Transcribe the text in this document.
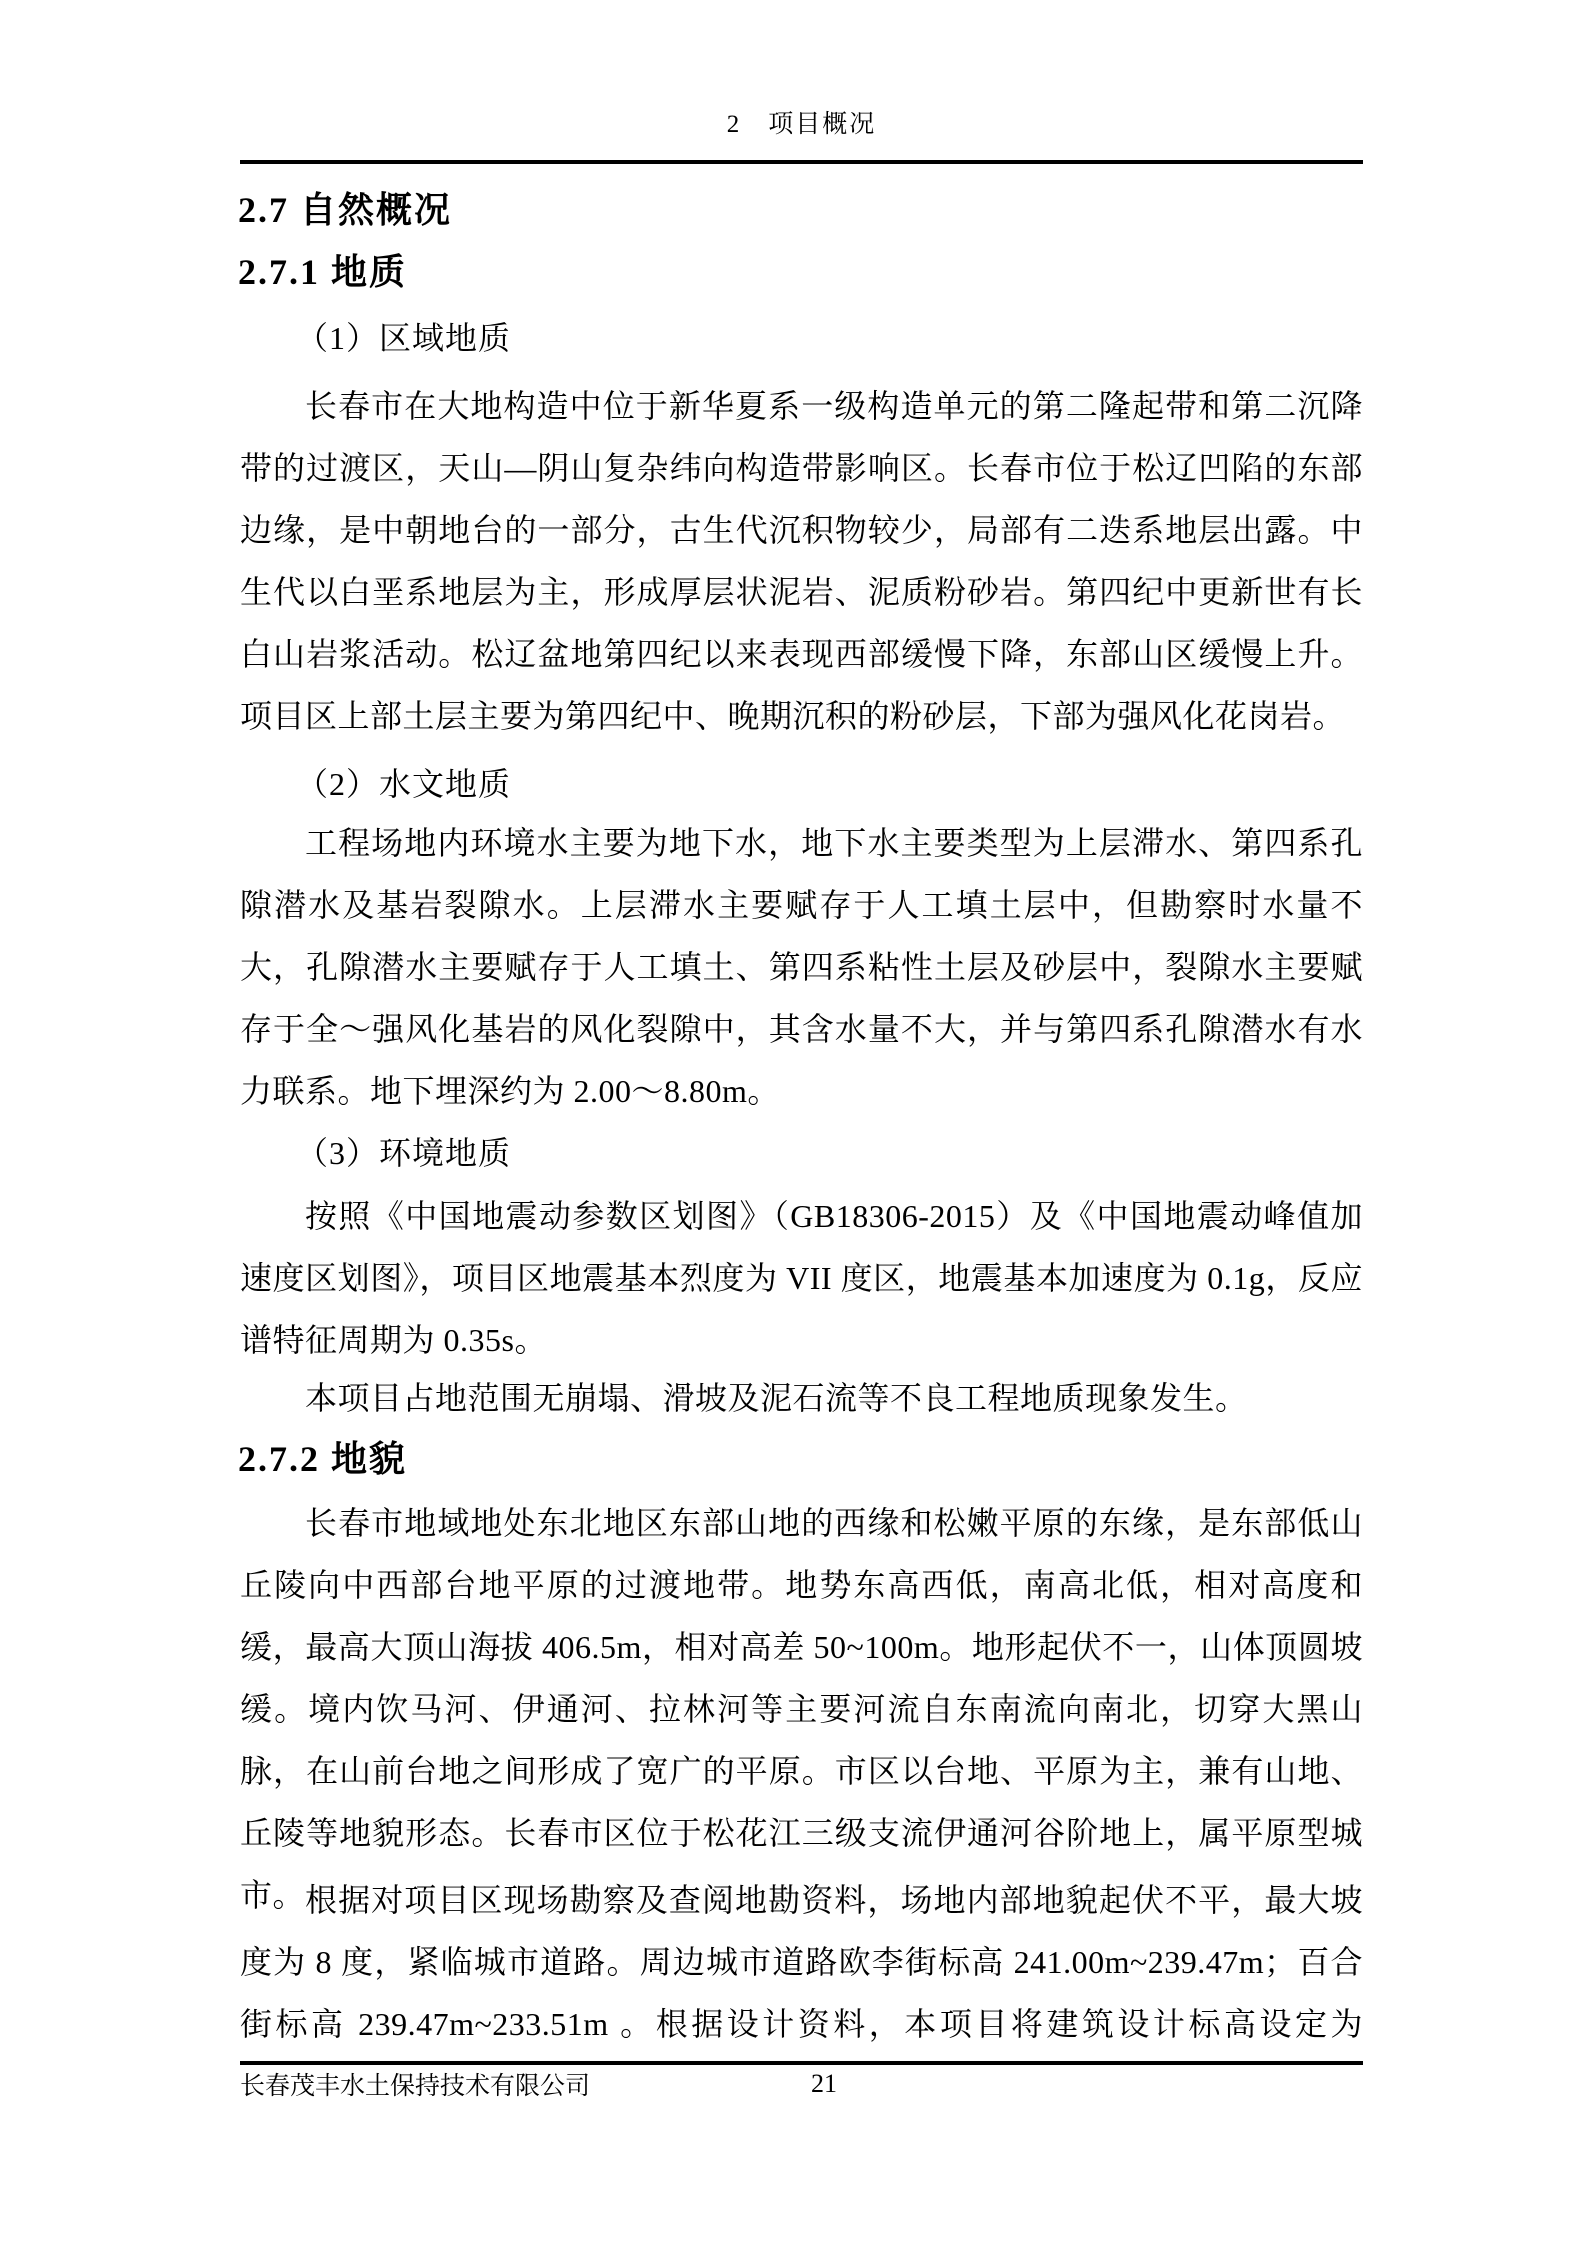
2　项目概况
2.7 自然概况
2.7.1 地质
（1）区域地质

长春市在大地构造中位于新华夏系一级构造单元的第二隆起带和第二沉降带的过渡区，天山—阴山复杂纬向构造带影响区。长春市位于松辽凹陷的东部边缘，是中朝地台的一部分，古生代沉积物较少，局部有二迭系地层出露。中生代以白垩系地层为主，形成厚层状泥岩、泥质粉砂岩。第四纪中更新世有长白山岩浆活动。松辽盆地第四纪以来表现西部缓慢下降，东部山区缓慢上升。项目区上部土层主要为第四纪中、晚期沉积的粉砂层，下部为强风化花岗岩。

（2）水文地质

工程场地内环境水主要为地下水，地下水主要类型为上层滞水、第四系孔隙潜水及基岩裂隙水。上层滞水主要赋存于人工填土层中，但勘察时水量不大，孔隙潜水主要赋存于人工填土、第四系粘性土层及砂层中，裂隙水主要赋存于全～强风化基岩的风化裂隙中，其含水量不大，并与第四系孔隙潜水有水力联系。地下埋深约为 2.00～8.80m。

（3）环境地质

按照《中国地震动参数区划图》（GB18306-2015）及《中国地震动峰值加速度区划图》，项目区地震基本烈度为 VII 度区，地震基本加速度为 0.1g，反应谱特征周期为 0.35s。

本项目占地范围无崩塌、滑坡及泥石流等不良工程地质现象发生。

2.7.2 地貌

长春市地域地处东北地区东部山地的西缘和松嫩平原的东缘，是东部低山丘陵向中西部台地平原的过渡地带。地势东高西低，南高北低，相对高度和缓，最高大顶山海拔 406.5m，相对高差 50~100m。地形起伏不一，山体顶圆坡缓。境内饮马河、伊通河、拉林河等主要河流自东南流向南北，切穿大黑山脉，在山前台地之间形成了宽广的平原。市区以台地、平原为主，兼有山地、丘陵等地貌形态。长春市区位于松花江三级支流伊通河谷阶地上，属平原型城市。 根据对项目区现场勘察及查阅地勘资料，场地内部地貌起伏不平，最大坡度为 8 度，紧临城市道路。周边城市道路欧李街标高 241.00m~239.47m；百合街标高 239.47m~233.51m 。根据设计资料，本项目将建筑设计标高设定为

长春茂丰水土保持技术有限公司	21
